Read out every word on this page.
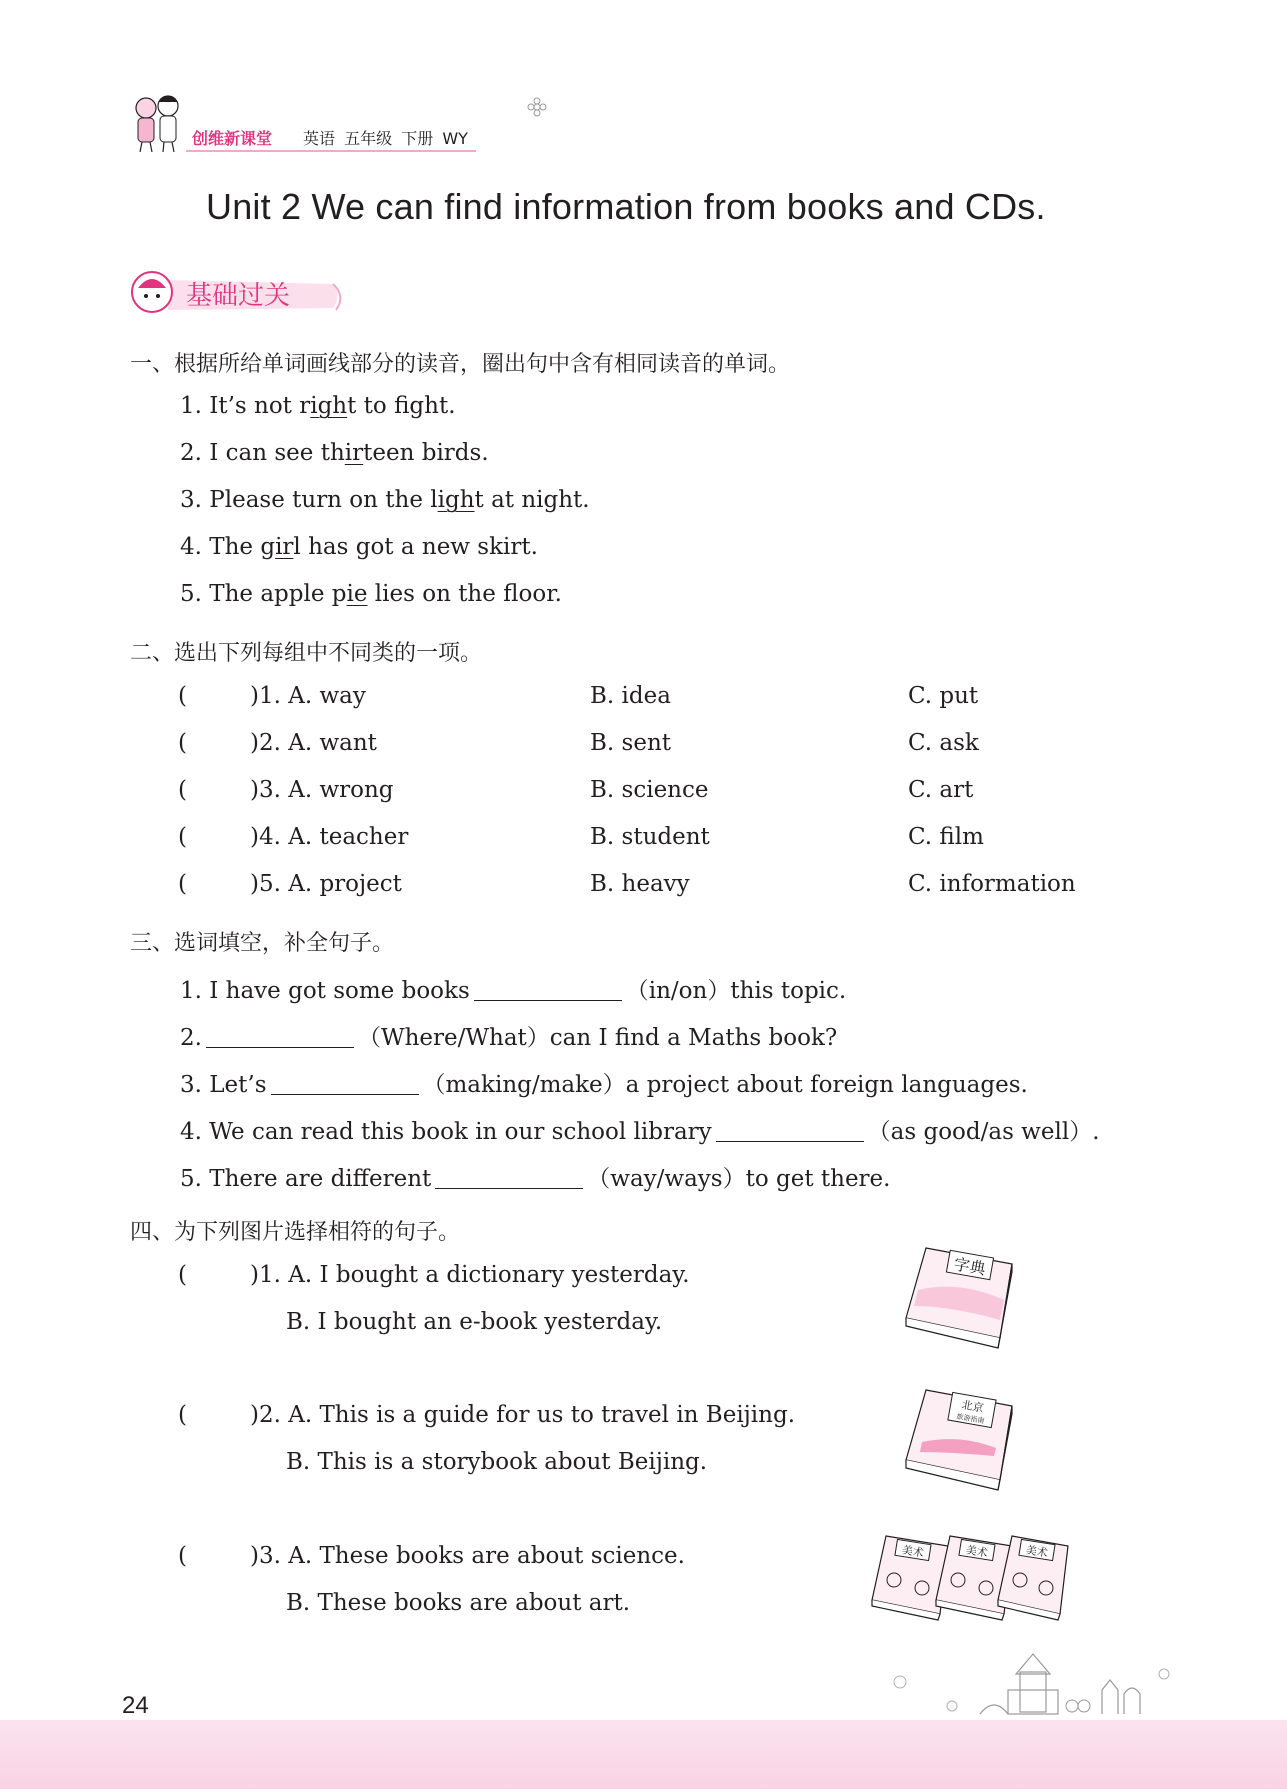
创维新课堂 英语 五年级 下册 WY
Unit 2 We can find information from books and CDs.
基础过关
一、根据所给单词画线部分的读音，圈出句中含有相同读音的单词。
1. It’s not right to fight.
2. I can see thirteen birds.
3. Please turn on the light at night.
4. The girl has got a new skirt.
5. The apple pie lies on the floor.
二、选出下列每组中不同类的一项。
(	)1. A. way	B. idea	C. put
(	)2. A. want	B. sent	C. ask
(	)3. A. wrong	B. science	C. art
(	)4. A. teacher	B. student	C. film
(	)5. A. project	B. heavy	C. information
三、选词填空，补全句子。
1. I have got some books	（in/on）this topic.
2.	（Where/What）can I find a Maths book?
3. Let’s	（making/make）a project about foreign languages.
4. We can read this book in our school library	（as good/as well）.
5. There are different	（way/ways）to get there.
四、为下列图片选择相符的句子。
(	)1. A. I bought a dictionary yesterday.
B. I bought an e-book yesterday.
字典
(	)2. A. This is a guide for us to travel in Beijing.
B. This is a storybook about Beijing.
北京
旅游指南
(	)3. A. These books are about science.
B. These books are about art.
美术	美术	美术
24
